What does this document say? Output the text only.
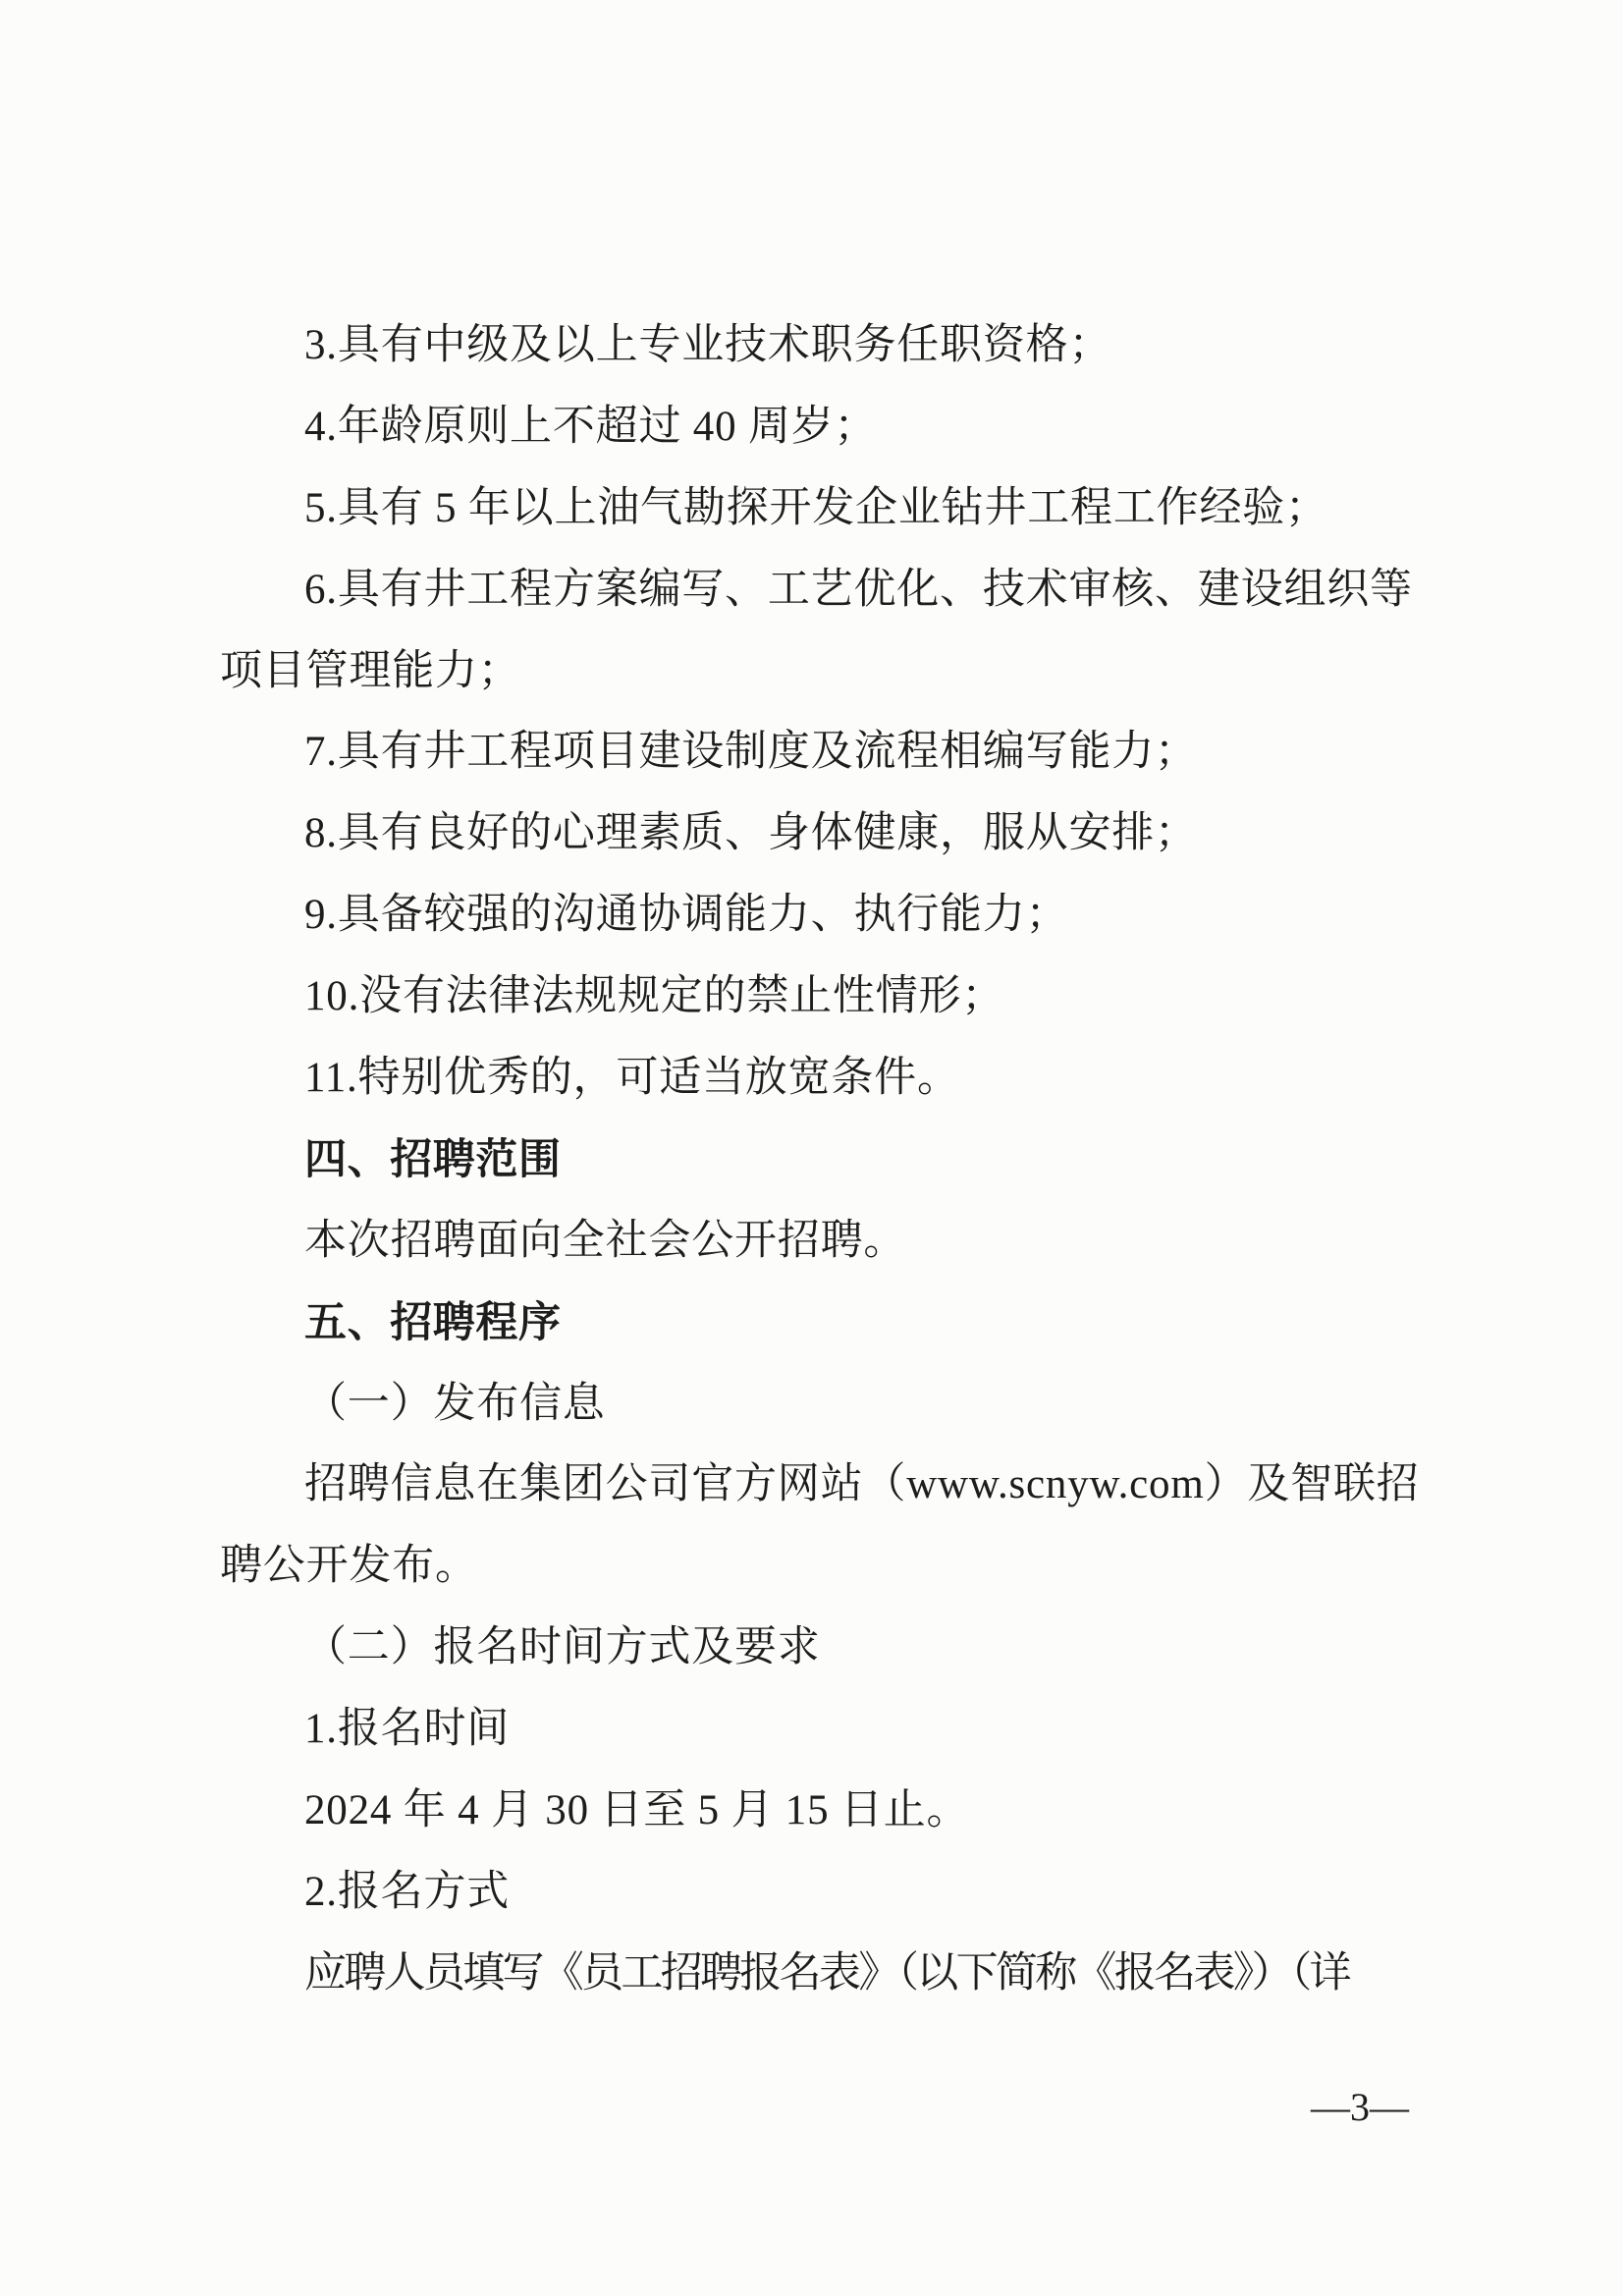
3.具有中级及以上专业技术职务任职资格；
4.年龄原则上不超过 40 周岁；
5.具有 5 年以上油气勘探开发企业钻井工程工作经验；
6.具有井工程方案编写、工艺优化、技术审核、建设组织等
项目管理能力；
7.具有井工程项目建设制度及流程相编写能力；
8.具有良好的心理素质、身体健康，服从安排；
9.具备较强的沟通协调能力、执行能力；
10.没有法律法规规定的禁止性情形；
11.特别优秀的，可适当放宽条件。
四、招聘范围
本次招聘面向全社会公开招聘。
五、招聘程序
（一）发布信息
招聘信息在集团公司官方网站（www.scnyw.com）及智联招
聘公开发布。
（二）报名时间方式及要求
1.报名时间
2024 年 4 月 30 日至 5 月 15 日止。
2.报名方式
应聘人员填写《员工招聘报名表》（以下简称《报名表》）（详
—3—
